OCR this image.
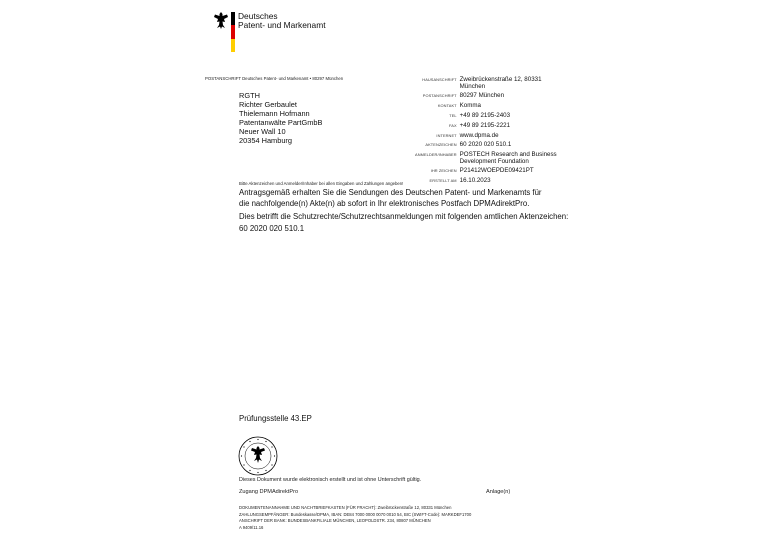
Deutsches
Patent- und Markenamt
POSTANSCHRIFT Deutsches Patent- und Markenamt • 80297 München
RGTH
Richter Gerbaulet
Thielemann Hofmann
Patentanwälte PartGmbB
Neuer Wall 10
20354 Hamburg
HAUSANSCHRIFT Zweibrückenstraße 12, 80331 München
POSTANSCHRIFT 80297 München
KONTAKT Komma
TEL +49 89 2195-2403
FAX +49 89 2195-2221
INTERNET www.dpma.de
AKTENZEICHEN 60 2020 020 510.1
ANMELDER/INHABER POSTECH Research and Business Development Foundation
IHR ZEICHEN P21412WOEPDE09421PT
ERSTELLT AM 16.10.2023
Bitte Aktenzeichen und Anmelder/Inhaber bei allen Eingaben und Zahlungen angeben!
Antragsgemäß erhalten Sie die Sendungen des Deutschen Patent- und Markenamts für die nachfolgende(n) Akte(n) ab sofort in Ihr elektronisches Postfach DPMAdirektPro.
Dies betrifft die Schutzrechte/Schutzrechtsanmeldungen mit folgenden amtlichen Aktenzeichen:
60 2020 020 510.1
Prüfungsstelle 43.EP
Dieses Dokument wurde elektronisch erstellt und ist ohne Unterschrift gültig.
Zugang DPMAdirektPro	Anlage(n)
DOKUMENTENANNAHME UND NACHTBRIEFKASTEN (FÜR FRACHT): Zweibrückenstraße 12, 80331 München
ZAHLUNGSEMPFÄNGER: Bundeskasse/DPMA, IBAN: DE84 7000 0000 0070 0010 54, BIC (SWIFT-Code): MARKDEF1700
ANSCHRIFT DER BANK: BUNDESBANKFILIALE MÜNCHEN, LEOPOLDSTR. 234, 80807 MÜNCHEN
A 9409/11.16
